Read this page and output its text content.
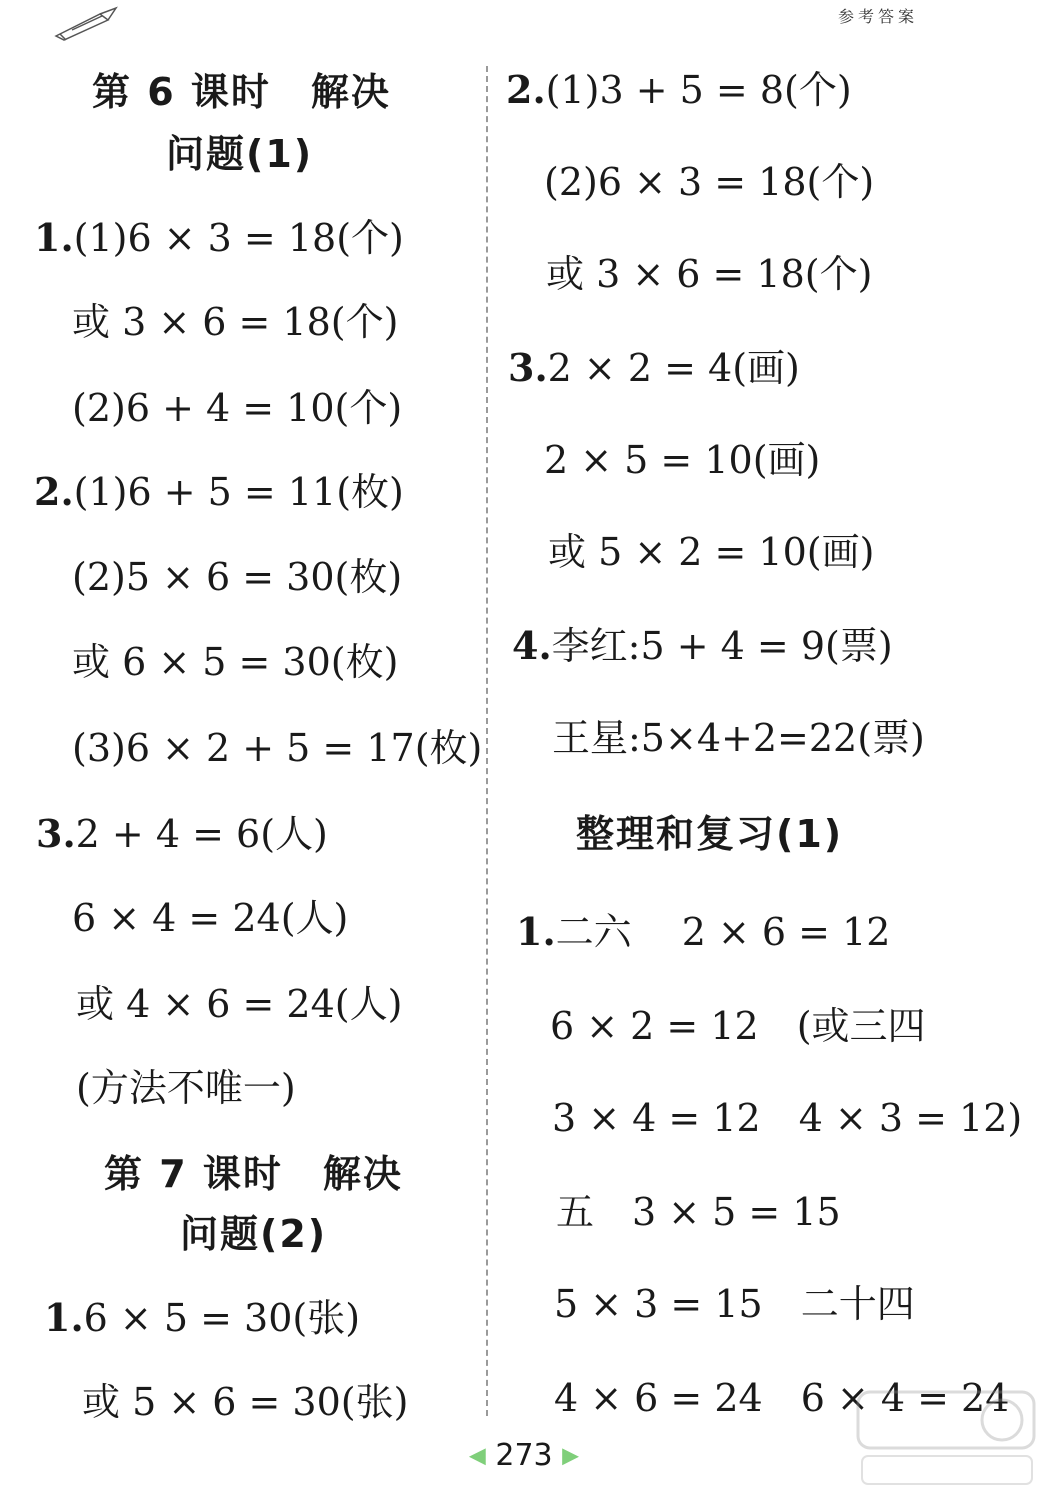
参考答案
第 6 课时　解决
问题(1)
1.(1)6 × 3 = 18(个)
或 3 × 6 = 18(个)
(2)6 + 4 = 10(个)
2.(1)6 + 5 = 11(枚)
(2)5 × 6 = 30(枚)
或 6 × 5 = 30(枚)
(3)6 × 2 + 5 = 17(枚)
3.2 + 4 = 6(人)
6 × 4 = 24(人)
或 4 × 6 = 24(人)
(方法不唯一)
第 7 课时　解决
问题(2)
1.6 × 5 = 30(张)
或 5 × 6 = 30(张)
2.(1)3 + 5 = 8(个)
(2)6 × 3 = 18(个)
或 3 × 6 = 18(个)
3.2 × 2 = 4(画)
2 × 5 = 10(画)
或 5 × 2 = 10(画)
4.李红:5 + 4 = 9(票)
王星:5×4+2=22(票)
整理和复习(1)
1.二六　 2 × 6 = 12
6 × 2 = 12　(或三四
3 × 4 = 12　4 × 3 = 12)
五　3 × 5 = 15
5 × 3 = 15　二十四
4 × 6 = 24　6 × 4 = 24
◀ 273 ▶
